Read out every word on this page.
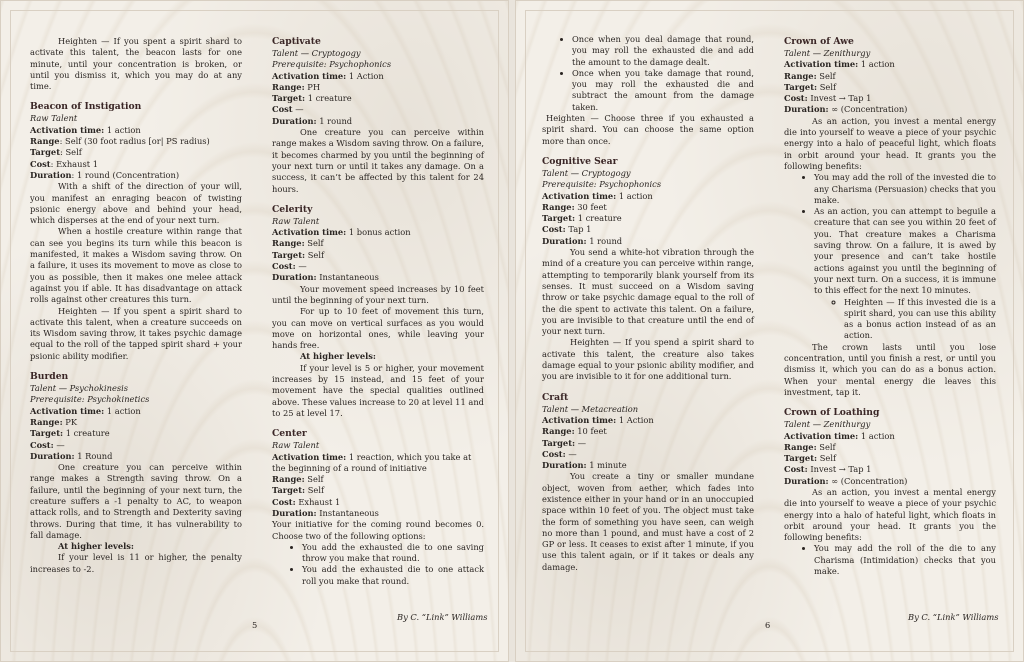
Heighten — If you spent a spirit shard to activate this talent, the beacon lasts for one minute, until your concentration is broken, or until you dismiss it, which you may do at any time.

Beacon of Instigation
Raw Talent
Activation time: 1 action
Range: Self (30 foot radius [or| PS radius)
Target: Self
Cost: Exhaust 1
Duration: 1 round (Concentration)

With a shift of the direction of your will, you manifest an enraging beacon of twisting psionic energy above and behind your head, which disperses at the end of your next turn.

When a hostile creature within range that can see you begins its turn while this beacon is manifested, it makes a Wisdom saving throw. On a failure, it uses its movement to move as close to you as possible, then it makes one melee attack against you if able. It has disadvantage on attack rolls against other creatures this turn.

Heighten — If you spent a spirit shard to activate this talent, when a creature succeeds on its Wisdom saving throw, it takes psychic damage equal to the roll of the tapped spirit shard + your psionic ability modifier.

Burden
Talent — Psychokinesis
Prerequisite: Psychokinetics
Activation time: 1 action
Range: PK
Target: 1 creature
Cost: —
Duration: 1 Round

One creature you can perceive within range makes a Strength saving throw. On a failure, until the beginning of your next turn, the creature suffers a -1 penalty to AC, to weapon attack rolls, and to Strength and Dexterity saving throws. During that time, it has vulnerability to fall damage.

At higher levels:

If your level is 11 or higher, the penalty increases to -2.

Captivate
Talent — Cryptogogy
Prerequisite: Psychophonics
Activation time: 1 Action
Range: PH
Target: 1 creature
Cost —
Duration: 1 round

One creature you can perceive within range makes a Wisdom saving throw. On a failure, it becomes charmed by you until the beginning of your next turn or until it takes any damage. On a success, it can’t be affected by this talent for 24 hours.

Celerity
Raw Talent
Activation time: 1 bonus action
Range: Self
Target: Self
Cost: —
Duration: Instantaneous

Your movement speed increases by 10 feet until the beginning of your next turn.

For up to 10 feet of movement this turn, you can move on vertical surfaces as you would move on horizontal ones, while leaving your hands free.

At higher levels:

If your level is 5 or higher, your movement increases by 15 instead, and 15 feet of your movement have the special qualities outlined above. These values increase to 20 at level 11 and to 25 at level 17.

Center
Raw Talent
Activation time: 1 reaction, which you take at the beginning of a round of initiative
Range: Self
Target: Self
Cost: Exhaust 1
Duration: Instantaneous

Your initiative for the coming round becomes 0. Choose two of the following options:

• You add the exhausted die to one saving throw you make that round.
• You add the exhausted die to one attack roll you make that round.
By C. “Link” Williams
5
• Once when you deal damage that round, you may roll the exhausted die and add the amount to the damage dealt.
• Once when you take damage that round, you may roll the exhausted die and subtract the amount from the damage taken.

Heighten — Choose three if you exhausted a spirit shard. You can choose the same option more than once.

Cognitive Sear
Talent — Cryptogogy
Prerequisite: Psychophonics
Activation time: 1 action
Range: 30 feet
Target: 1 creature
Cost: Tap 1
Duration: 1 round

You send a white-hot vibration through the mind of a creature you can perceive within range, attempting to temporarily blank yourself from its senses. It must succeed on a Wisdom saving throw or take psychic damage equal to the roll of the die spent to activate this talent. On a failure, you are invisible to that creature until the end of your next turn.

Heighten — If you spend a spirit shard to activate this talent, the creature also takes damage equal to your psionic ability modifier, and you are invisible to it for one additional turn.

Craft
Talent — Metacreation
Activation time: 1 Action
Range: 10 feet
Target: —
Cost: —
Duration: 1 minute

You create a tiny or smaller mundane object, woven from aether, which fades into existence either in your hand or in an unoccupied space within 10 feet of you. The object must take the form of something you have seen, can weigh no more than 1 pound, and must have a cost of 2 GP or less. It ceases to exist after 1 minute, if you use this talent again, or if it takes or deals any damage.

Crown of Awe
Talent — Zenithurgy
Activation time: 1 action
Range: Self
Target: Self
Cost: Invest → Tap 1
Duration: ∞ (Concentration)

As an action, you invest a mental energy die into yourself to weave a piece of your psychic energy into a halo of peaceful light, which floats in orbit around your head. It grants you the following benefits:

• You may add the roll of the invested die to any Charisma (Persuasion) checks that you make.
• As an action, you can attempt to beguile a creature that can see you within 20 feet of you. That creature makes a Charisma saving throw. On a failure, it is awed by your presence and can’t take hostile actions against you until the beginning of your next turn. On a success, it is immune to this effect for the next 10 minutes.
◦ Heighten — If this invested die is a spirit shard, you can use this ability as a bonus action instead of as an action.

The crown lasts until you lose concentration, until you finish a rest, or until you dismiss it, which you can do as a bonus action. When your mental energy die leaves this investment, tap it.

Crown of Loathing
Talent — Zenithurgy
Activation time: 1 action
Range: Self
Target: Self
Cost: Invest → Tap 1
Duration: ∞ (Concentration)

As an action, you invest a mental energy die into yourself to weave a piece of your psychic energy into a halo of hateful light, which floats in orbit around your head. It grants you the following benefits:

• You may add the roll of the die to any Charisma (Intimidation) checks that you make.
By C. “Link” Williams
6
